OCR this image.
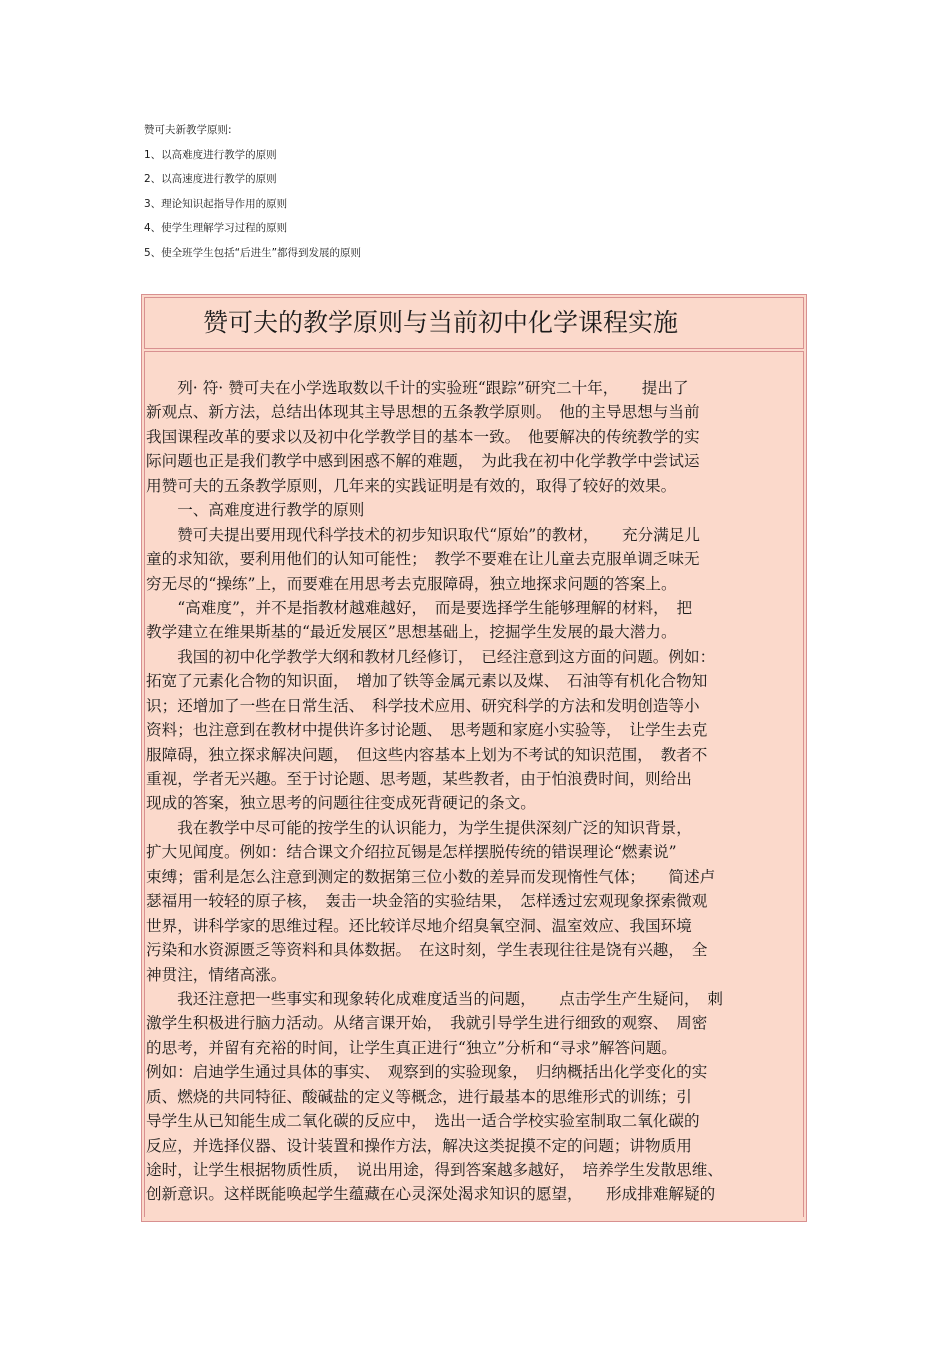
赞可夫新教学原则:
1、以高难度进行教学的原则
2、以高速度进行教学的原则
3、理论知识起指导作用的原则
4、使学生理解学习过程的原则
5、使全班学生包括“后进生”都得到发展的原则
赞可夫的教学原则与当前初中化学课程实施
　　列· 符· 赞可夫在小学选取数以千计的实验班“跟踪”研究二十年，　　提出了
新观点、新方法，总结出体现其主导思想的五条教学原则。　他的主导思想与当前
我国课程改革的要求以及初中化学教学目的基本一致。　他要解决的传统教学的实
际问题也正是我们教学中感到困惑不解的难题，　为此我在初中化学教学中尝试运
用赞可夫的五条教学原则，几年来的实践证明是有效的，取得了较好的效果。
　　一、高难度进行教学的原则
　　赞可夫提出要用现代科学技术的初步知识取代“原始”的教材，　　充分满足儿
童的求知欲，要利用他们的认知可能性；　教学不要难在让儿童去克服单调乏味无
穷无尽的“操练”上，而要难在用思考去克服障碍，独立地探求问题的答案上。
　　“高难度”，并不是指教材越难越好，　而是要选择学生能够理解的材料，　把
教学建立在维果斯基的“最近发展区”思想基础上，挖掘学生发展的最大潜力。
　　我国的初中化学教学大纲和教材几经修订，　已经注意到这方面的问题。例如：
拓宽了元素化合物的知识面，　增加了铁等金属元素以及煤、　石油等有机化合物知
识；还增加了一些在日常生活、　科学技术应用、研究科学的方法和发明创造等小
资料；也注意到在教材中提供许多讨论题、　思考题和家庭小实验等，　让学生去克
服障碍，独立探求解决问题，　但这些内容基本上划为不考试的知识范围，　教者不
重视，学者无兴趣。至于讨论题、思考题，某些教者，由于怕浪费时间，则给出
现成的答案，独立思考的问题往往变成死背硬记的条文。
　　我在教学中尽可能的按学生的认识能力，为学生提供深刻广泛的知识背景，
扩大见闻度。例如：结合课文介绍拉瓦锡是怎样摆脱传统的错误理论“燃素说”
束缚；雷利是怎么注意到测定的数据第三位小数的差异而发现惰性气体；　　简述卢
瑟福用一较轻的原子核，　轰击一块金箔的实验结果，　怎样透过宏观现象探索微观
世界，讲科学家的思维过程。还比较详尽地介绍臭氧空洞、温室效应、我国环境
污染和水资源匮乏等资料和具体数据。　在这时刻，学生表现往往是饶有兴趣，　全
神贯注，情绪高涨。
　　我还注意把一些事实和现象转化成难度适当的问题，　　点击学生产生疑问，　刺
激学生积极进行脑力活动。从绪言课开始，　我就引导学生进行细致的观察、　周密
的思考，并留有充裕的时间，让学生真正进行“独立”分析和“寻求”解答问题。
例如：启迪学生通过具体的事实、　观察到的实验现象，　归纳概括出化学变化的实
质、燃烧的共同特征、酸碱盐的定义等概念，进行最基本的思维形式的训练；引
导学生从已知能生成二氧化碳的反应中，　选出一适合学校实验室制取二氧化碳的
反应，并选择仪器、设计装置和操作方法，解决这类捉摸不定的问题；讲物质用
途时，让学生根据物质性质，　说出用途，得到答案越多越好，　培养学生发散思维、
创新意识。这样既能唤起学生蕴藏在心灵深处渴求知识的愿望，　　形成排难解疑的
